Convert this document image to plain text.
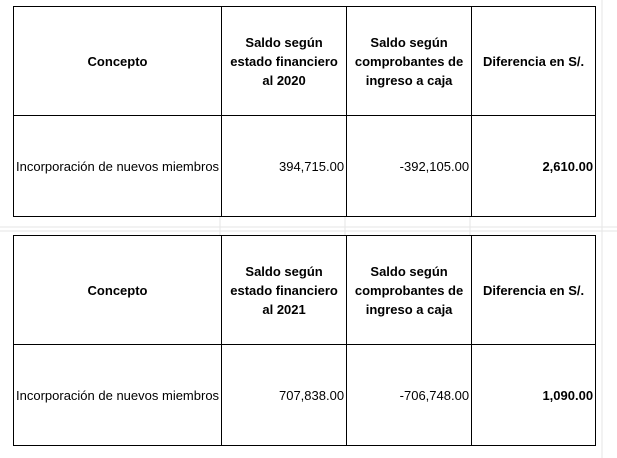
Concepto	Saldo según estado financiero al 2020	Saldo según comprobantes de ingreso a caja	Diferencia en S/.
Incorporación de nuevos miembros	394,715.00	-392,105.00	2,610.00
Concepto	Saldo según estado financiero al 2021	Saldo según comprobantes de ingreso a caja	Diferencia en S/.
Incorporación de nuevos miembros	707,838.00	-706,748.00	1,090.00
